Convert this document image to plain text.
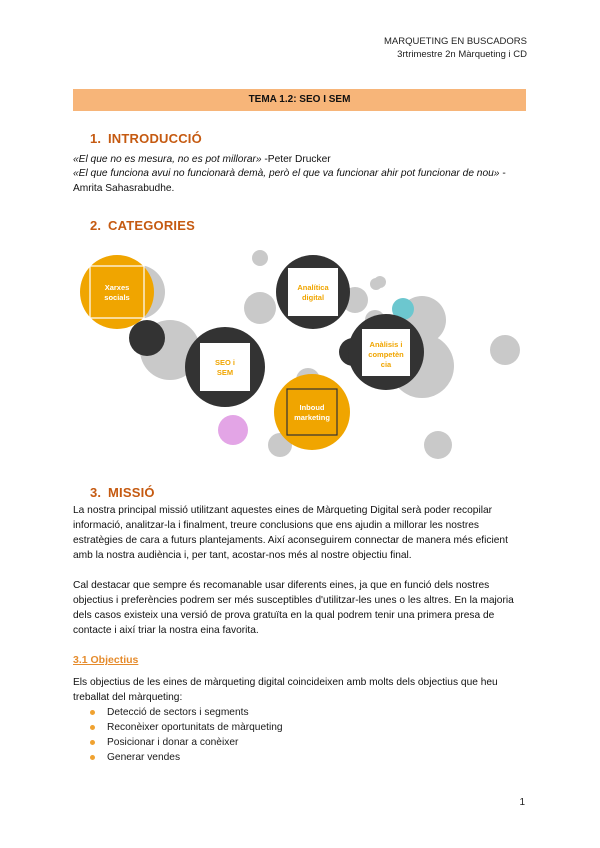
MARQUETING EN BUSCADORS
3rtrimestre 2n Màrqueting i CD
TEMA 1.2: SEO I SEM
1. INTRODUCCIÓ
«El que no es mesura, no es pot millorar» -Peter Drucker
«El que funciona avui no funcionarà demà, però el que va funcionar ahir pot funcionar de nou» -Amrita Sahasrabudhe.
2. CATEGORIES
Xarxes
socials
Analítica
digital
SEO i
SEM
Anàlisis i
competèn
cia
Inboud
marketing
3. MISSIÓ
La nostra principal missió utilitzant aquestes eines de Màrqueting Digital serà poder recopilar informació, analitzar-la i finalment, treure conclusions que ens ajudin a millorar les nostres estratègies de cara a futurs plantejaments. Així aconseguirem connectar de manera més eficient amb la nostra audiència i, per tant, acostar-nos més al nostre objectiu final.
Cal destacar que sempre és recomanable usar diferents eines, ja que en funció dels nostres objectius i preferències podrem ser més susceptibles d'utilitzar-les unes o les altres. En la majoria dels casos existeix una versió de prova gratuïta en la qual podrem tenir una primera presa de contacte i així triar la nostra eina favorita.
3.1 Objectius
Els objectius de les eines de màrqueting digital coincideixen amb molts dels objectius que heu treballat del màrqueting:
Detecció de sectors i segments
Reconèixer oportunitats de màrqueting
Posicionar i donar a conèixer
Generar vendes
1
